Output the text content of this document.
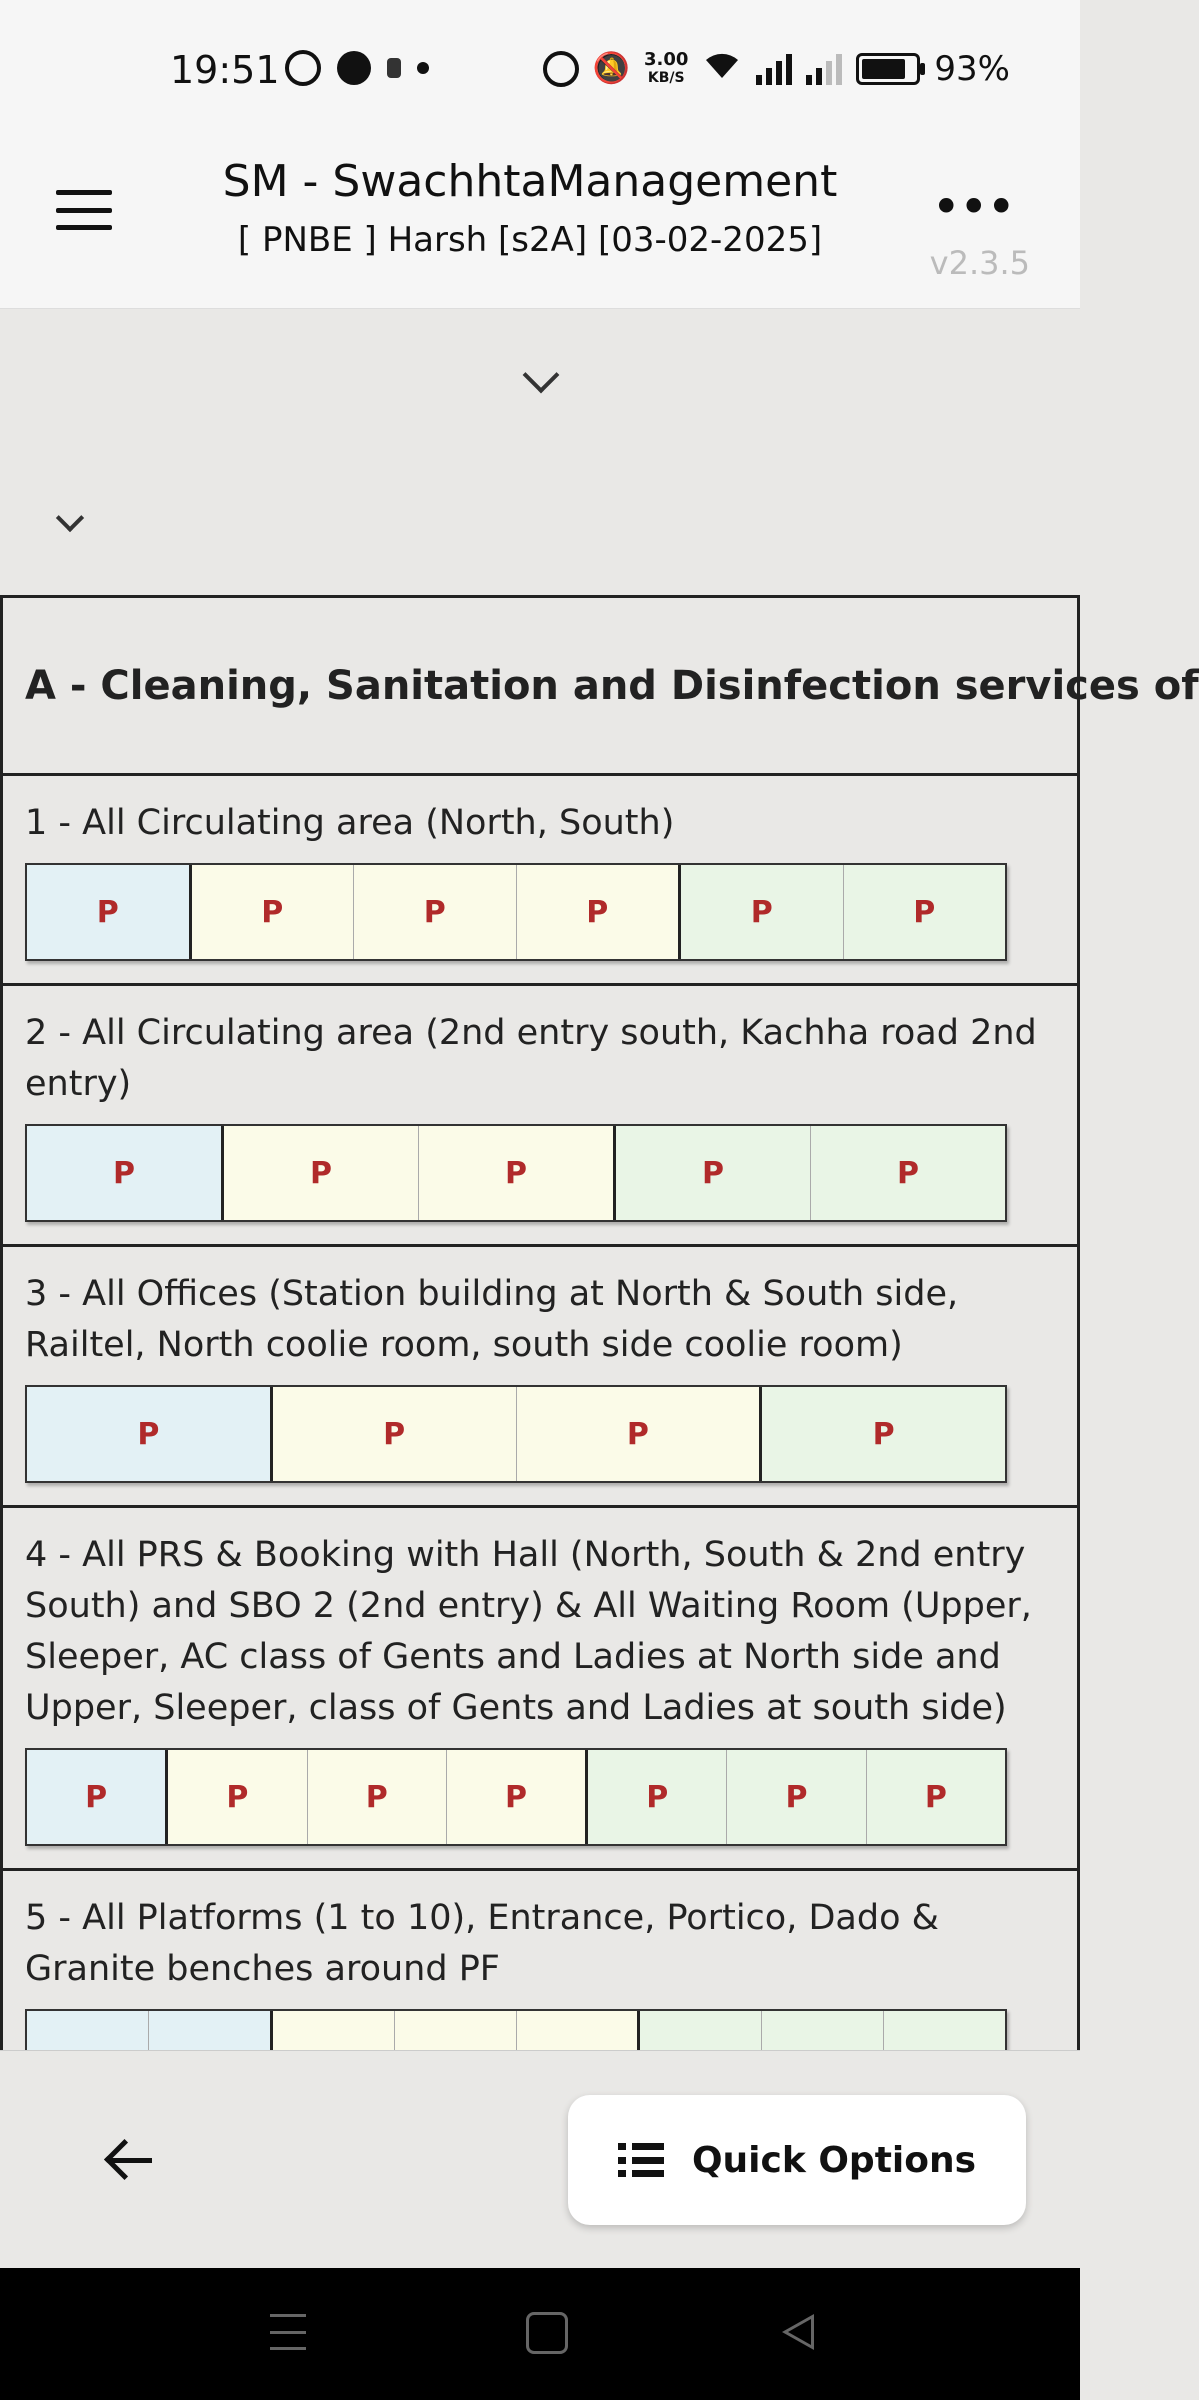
19:51	🔕 3.00
KB/S	93%
SM - SwachhtaManagement
[ PNBE ] Harsh [s2A] [03-02-2025]
•••
v2.3.5
A - Cleaning, Sanitation and Disinfection services of
1 - All Circulating area (North, South)
P	P	P	P	P	P
2 - All Circulating area (2nd entry south, Kachha road 2nd entry)
P	P	P	P	P
3 - All Offices (Station building at North & South side, Railtel, North coolie room, south side coolie room)
P	P	P	P
4 - All PRS & Booking with Hall (North, South & 2nd entry South) and SBO 2 (2nd entry) & All Waiting Room (Upper, Sleeper, AC class of Gents and Ladies at North side and Upper, Sleeper, class of Gents and Ladies at south side)
P	P	P	P	P	P	P
5 - All Platforms (1 to 10), Entrance, Portico, Dado & Granite benches around PF
Quick Options
